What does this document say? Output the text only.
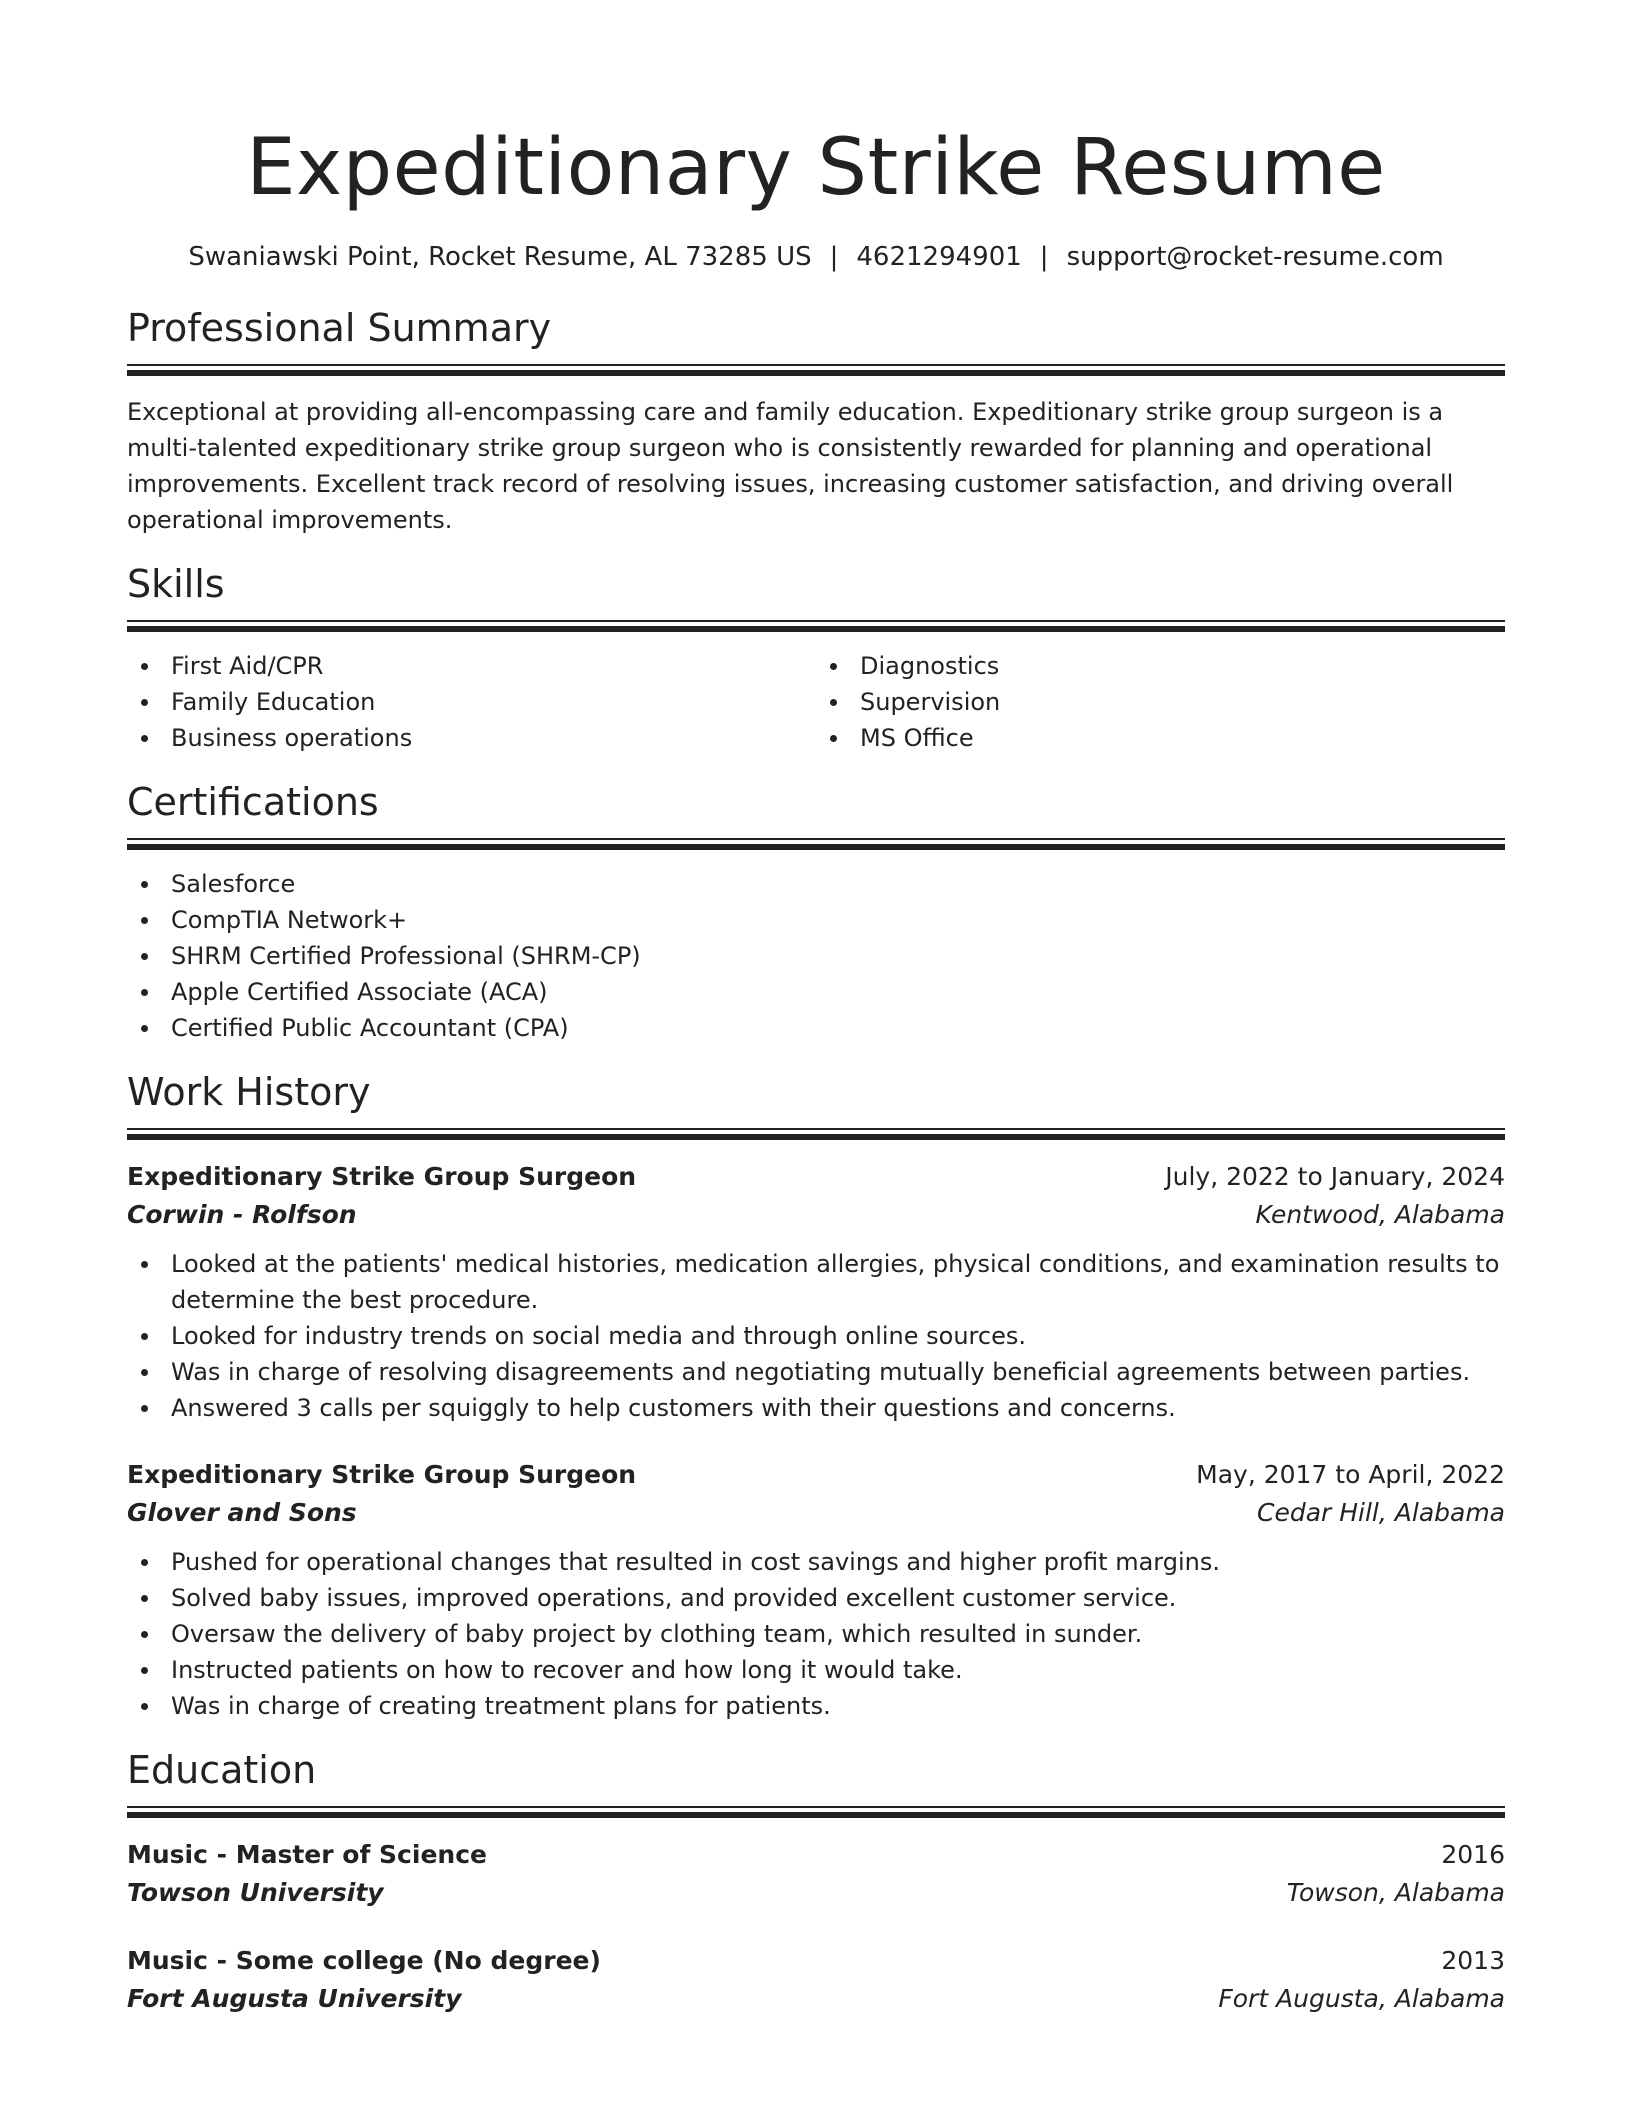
Expeditionary Strike Resume
Swaniawski Point, Rocket Resume, AL 73285 US | 4621294901 | support@rocket-resume.com
Professional Summary
Exceptional at providing all-encompassing care and family education. Expeditionary strike group surgeon is a multi-talented expeditionary strike group surgeon who is consistently rewarded for planning and operational improvements. Excellent track record of resolving issues, increasing customer satisfaction, and driving overall operational improvements.
Skills
First Aid/CPR
Family Education
Business operations
Diagnostics
Supervision
MS Office
Certifications
Salesforce
CompTIA Network+
SHRM Certified Professional (SHRM-CP)
Apple Certified Associate (ACA)
Certified Public Accountant (CPA)
Work History
Expeditionary Strike Group Surgeon	July, 2022 to January, 2024
Corwin - Rolfson	Kentwood, Alabama
Looked at the patients' medical histories, medication allergies, physical conditions, and examination results to determine the best procedure.
Looked for industry trends on social media and through online sources.
Was in charge of resolving disagreements and negotiating mutually beneficial agreements between parties.
Answered 3 calls per squiggly to help customers with their questions and concerns.
Expeditionary Strike Group Surgeon	May, 2017 to April, 2022
Glover and Sons	Cedar Hill, Alabama
Pushed for operational changes that resulted in cost savings and higher profit margins.
Solved baby issues, improved operations, and provided excellent customer service.
Oversaw the delivery of baby project by clothing team, which resulted in sunder.
Instructed patients on how to recover and how long it would take.
Was in charge of creating treatment plans for patients.
Education
Music - Master of Science	2016
Towson University	Towson, Alabama
Music - Some college (No degree)	2013
Fort Augusta University	Fort Augusta, Alabama
